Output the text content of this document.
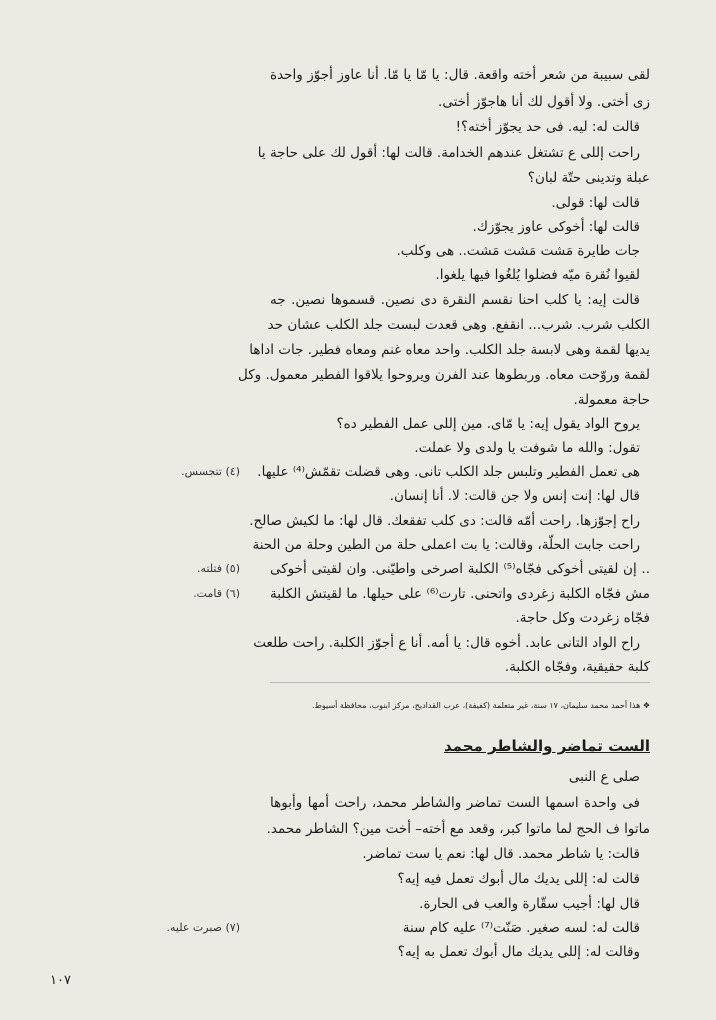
لقى سبيبة من شعر أخته واقعة. قال: يا مّا يا مّا. أنا عاوز أجوّز واحدة
زى أختى. ولا أقول لك أنا هاجوّز أختى.
قالت له: ليه. فى حد يجوّز أخته؟!
راحت إللى ع تشتغل عندهم الخدامة. قالت لها: أقول لك على حاجة يا
عبلة وتدينى حتّة لبان؟
قالت لها: قولى.
قالت لها: أخوكى عاوز يجوّزك.
جات طايرة مَشت مَشت مَشت.. هى وكلب.
لقيوا نُقرة ميّه فضلوا يُلغُوا فيها يلغوا.
قالت إيه: يا كلب احنا نقسم النقرة دى نصين. قسموها نصين. جه
الكلب شرب. شرب... انقفع. وهى قعدت لبست جلد الكلب عشان حد
يديها لقمة وهى لابسة جلد الكلب. واحد معاه غنم ومعاه فطير. جات اداها
لقمة وروّحت معاه. وربطوها عند الفرن ويروحوا يلاقوا الفطير معمول. وكل
حاجة معمولة.
يروح الواد يقول إيه: يا مّاى. مين إللى عمل الفطير ده؟
تقول: والله ما شوفت يا ولدى ولا عملت.
هى تعمل الفطير وتلبس جلد الكلب تانى. وهى قضلت تقمّش⁽⁴⁾ عليها.
قال لها: إنت إنس ولا جن قالت: لا. أنا إنسان.
راح إجوّزها. راحت أمّه قالت: دى كلب تفقعك. قال لها: ما لكيش صالح.
راحت جابت الحلّة، وقالت: يا بت اعملى حلة من الطين وحلة من الحنة
.. إن لقيتى أخوكى فجّاه⁽⁵⁾ الكلبة اصرخى واطيّنى. وان لقيتى أخوكى
مش فجّاه الكلبة زغردى واتحنى. تارت⁽⁶⁾ على حيلها. ما لقيتش الكلبة
فجّاه زغردت وكل حاجة.
راح الواد التانى عابد. أخوه قال: يا أمه. أنا ع أجوّز الكلبة. راحت طلعت
كلبة حقيقية، وفجّاه الكلبة.
(٤) تتجسس.
(٥) فتلته.
(٦) قامت.
❖ هذا أحمد محمد سليمان، ١٧ سنة، غير متعلمة (كفيفة)، عرب القداديح، مركز ابنوب، محافظة أسيوط.
الست تماضر والشاطر محمد
صلى ع النبى
فى واحدة اسمها الست تماضر والشاطر محمد، راحت أمها وأبوها
ماتوا ف الحج لما ماتوا كبر، وقعد مع أخته– أخت مين؟ الشاطر محمد.
قالت: يا شاطر محمد. قال لها: نعم يا ست تماضر.
قالت له: إللى يديك مال أبوك تعمل فيه إيه؟
قال لها: أجيب سقّارة والعب فى الحارة.
قالت له: لسه صغير. صَنّت⁽⁷⁾ عليه كام سنة
وقالت له: إللى يديك مال أبوك تعمل به إيه؟
(٧) صبرت عليه.
١٠٧
